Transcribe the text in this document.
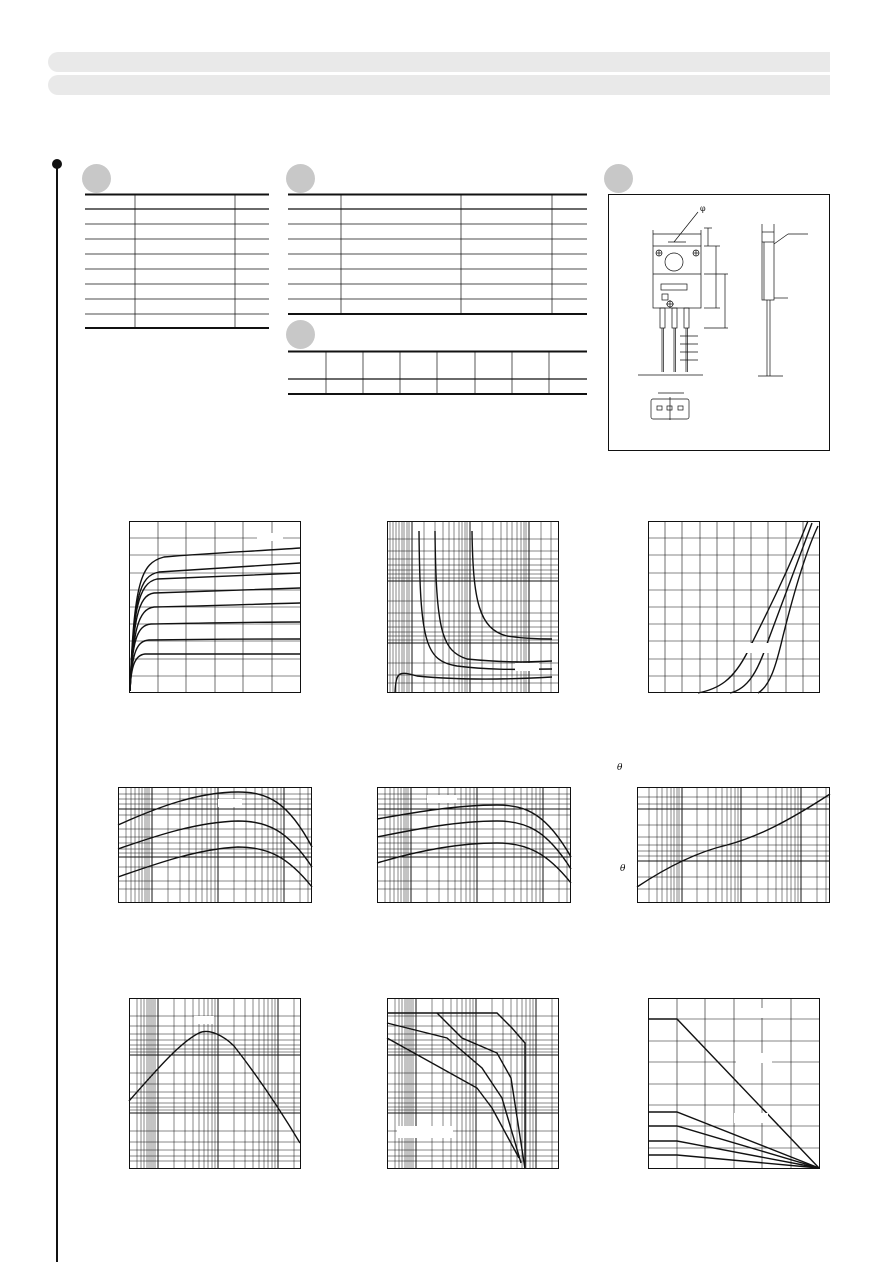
φ
θ
θ
